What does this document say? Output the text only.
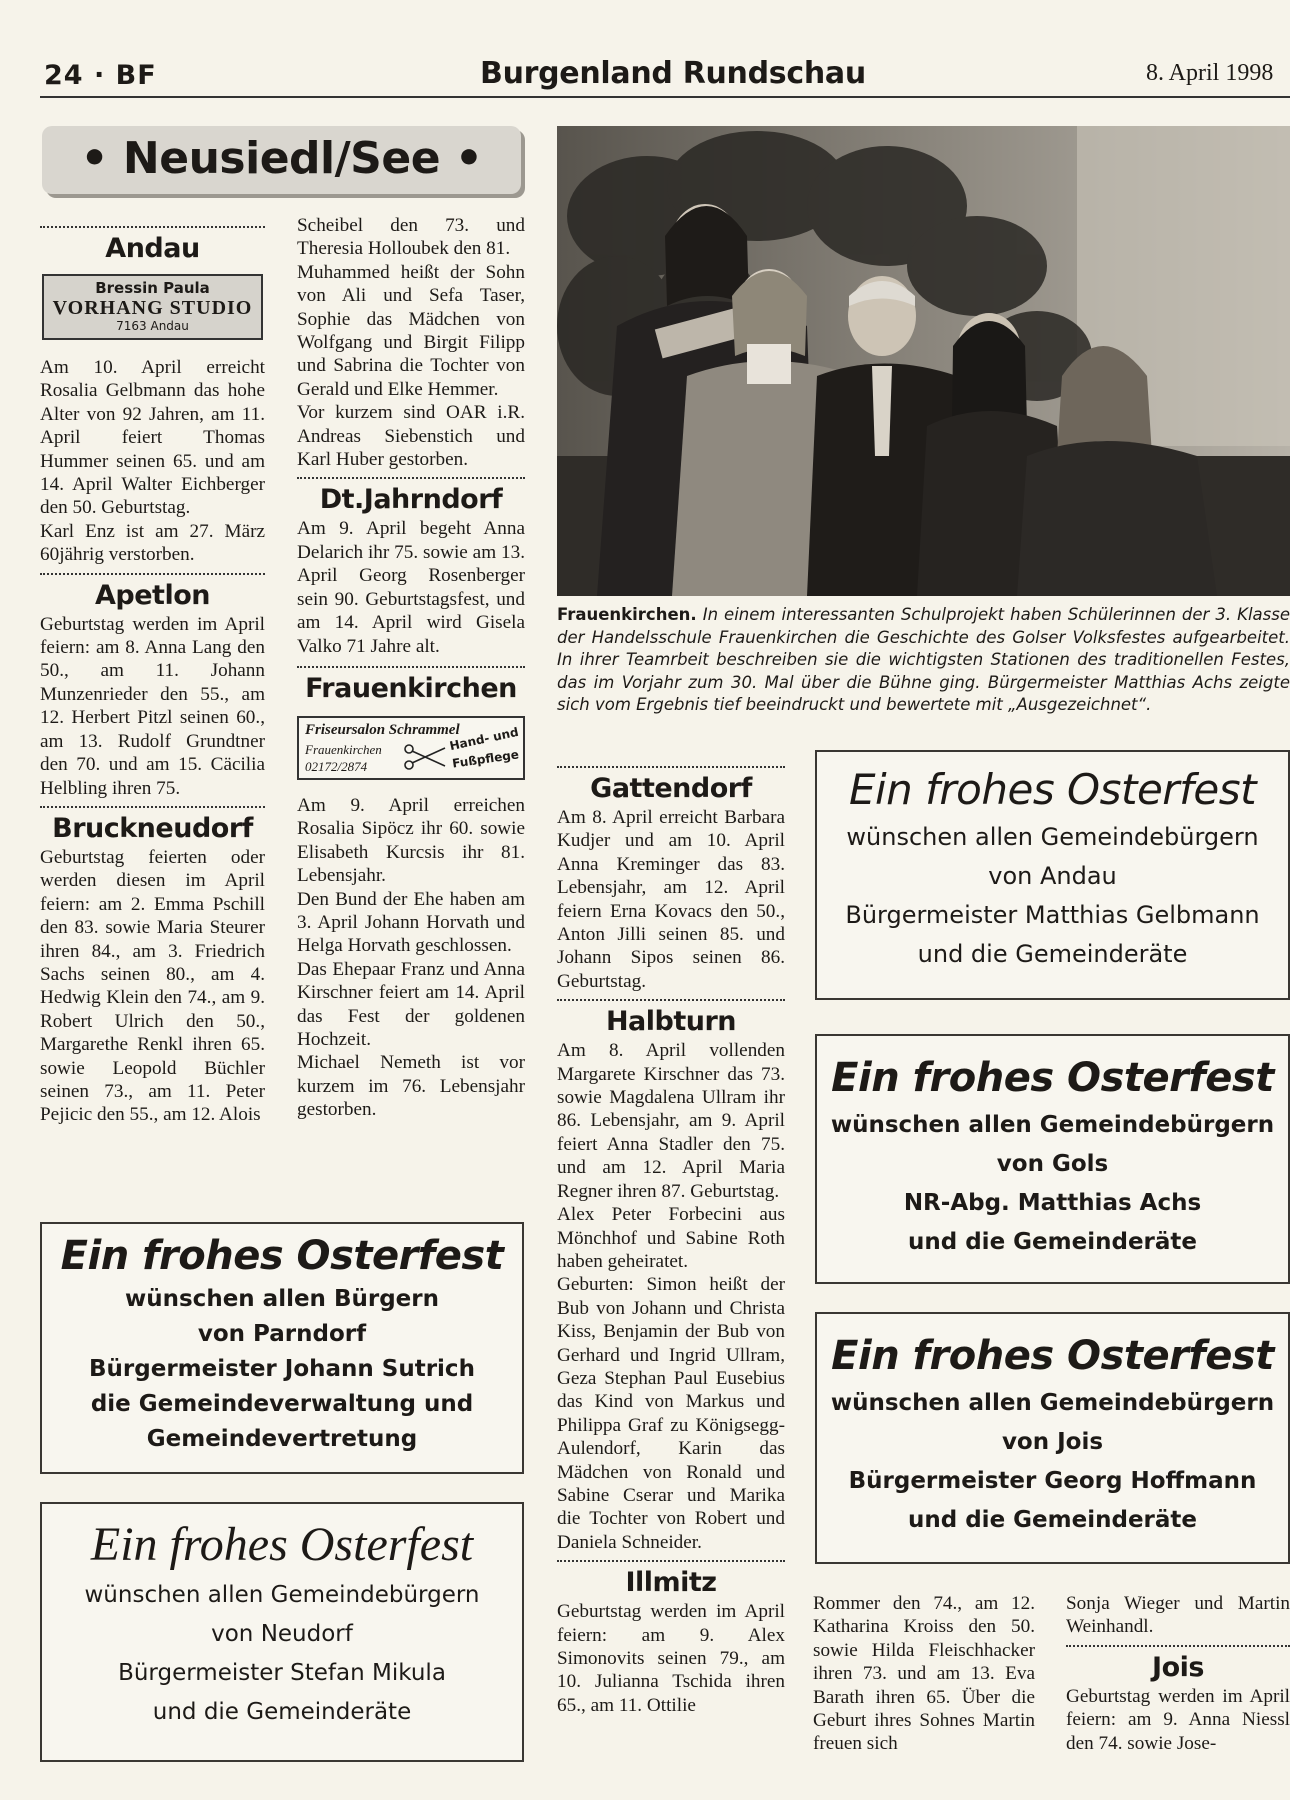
24 · BF	Burgenland Rundschau	8. April 1998
• Neusiedl/See •
Andau
Bressin Paula
VORHANG STUDIO
7163 Andau

Am 10. April erreicht Rosalia Gelbmann das hohe Alter von 92 Jahren, am 11. April feiert Thomas Hummer seinen 65. und am 14. April Walter Eichberger den 50. Geburtstag.

Karl Enz ist am 27. März 60jährig verstorben.

Apetlon
Geburtstag werden im April feiern: am 8. Anna Lang den 50., am 11. Johann Munzenrieder den 55., am 12. Herbert Pitzl seinen 60., am 13. Rudolf Grundtner den 70. und am 15. Cäcilia Helbling ihren 75.
Bruckneudorf
Geburtstag feierten oder werden diesen im April feiern: am 2. Emma Pschill den 83. sowie Maria Steurer ihren 84., am 3. Friedrich Sachs seinen 80., am 4. Hedwig Klein den 74., am 9. Robert Ulrich den 50., Margarethe Renkl ihren 65. sowie Leopold Büchler seinen 73., am 11. Peter Pejicic den 55., am 12. Alois

Scheibel den 73. und Theresia Holloubek den 81.

Muhammed heißt der Sohn von Ali und Sefa Taser, Sophie das Mädchen von Wolfgang und Birgit Filipp und Sabrina die Tochter von Gerald und Elke Hemmer.

Vor kurzem sind OAR i.R. Andreas Siebenstich und Karl Huber gestorben.

Dt.Jahrndorf
Am 9. April begeht Anna Delarich ihr 75. sowie am 13. April Georg Rosenberger sein 90. Geburtstagsfest, und am 14. April wird Gisela Valko 71 Jahre alt.
Frauenkirchen
Friseursalon Schrammel
Frauenkirchen
02172/2874
Hand- und
Fußpflege

Am 9. April erreichen Rosalia Sipöcz ihr 60. sowie Elisabeth Kurcsis ihr 81. Lebensjahr.

Den Bund der Ehe haben am 3. April Johann Horvath und Helga Horvath geschlossen.

Das Ehepaar Franz und Anna Kirschner feiert am 14. April das Fest der goldenen Hochzeit.

Michael Nemeth ist vor kurzem im 76. Lebensjahr gestorben.

Frauenkirchen. In einem interessanten Schulprojekt haben Schülerinnen der 3. Klasse der Handelsschule Frauenkirchen die Geschichte des Golser Volksfestes aufgearbeitet. In ihrer Teamrbeit beschreiben sie die wichtigsten Stationen des traditionellen Festes, das im Vorjahr zum 30. Mal über die Bühne ging. Bürgermeister Matthias Achs zeigte sich vom Ergebnis tief beeindruckt und bewertete mit „Ausgezeichnet“.
Gattendorf
Am 8. April erreicht Barbara Kudjer und am 10. April Anna Kreminger das 83. Lebensjahr, am 12. April feiern Erna Kovacs den 50., Anton Jilli seinen 85. und Johann Sipos seinen 86. Geburtstag.
Halbturn

Am 8. April vollenden Margarete Kirschner das 73. sowie Magdalena Ullram ihr 86. Lebensjahr, am 9. April feiert Anna Stadler den 75. und am 12. April Maria Regner ihren 87. Geburtstag.

Alex Peter Forbecini aus Mönchhof und Sabine Roth haben geheiratet.

Geburten: Simon heißt der Bub von Johann und Christa Kiss, Benjamin der Bub von Gerhard und Ingrid Ullram, Geza Stephan Paul Eusebius das Kind von Markus und Philippa Graf zu Königsegg-Aulendorf, Karin das Mädchen von Ronald und Sabine Cserar und Marika die Tochter von Robert und Daniela Schneider.

Illmitz
Geburtstag werden im April feiern: am 9. Alex Simonovits seinen 79., am 10. Julianna Tschida ihren 65., am 11. Ottilie
Rommer den 74., am 12. Katharina Kroiss den 50. sowie Hilda Fleischhacker ihren 73. und am 13. Eva Barath ihren 65. Über die Geburt ihres Sohnes Martin freuen sich
Sonja Wieger und Martin Weinhandl.
Jois
Geburtstag werden im April feiern: am 9. Anna Niessl den 74. sowie Jose-
Ein frohes Osterfest
wünschen allen Gemeindebürgern
von Andau
Bürgermeister Matthias Gelbmann
und die Gemeinderäte
Ein frohes Osterfest
wünschen allen Gemeindebürgern
von Gols
NR-Abg. Matthias Achs
und die Gemeinderäte
Ein frohes Osterfest
wünschen allen Gemeindebürgern
von Jois
Bürgermeister Georg Hoffmann
und die Gemeinderäte
Ein frohes Osterfest
wünschen allen Bürgern
von Parndorf
Bürgermeister Johann Sutrich
die Gemeindeverwaltung und
Gemeindevertretung
Ein frohes Osterfest
wünschen allen Gemeindebürgern
von Neudorf
Bürgermeister Stefan Mikula
und die Gemeinderäte
